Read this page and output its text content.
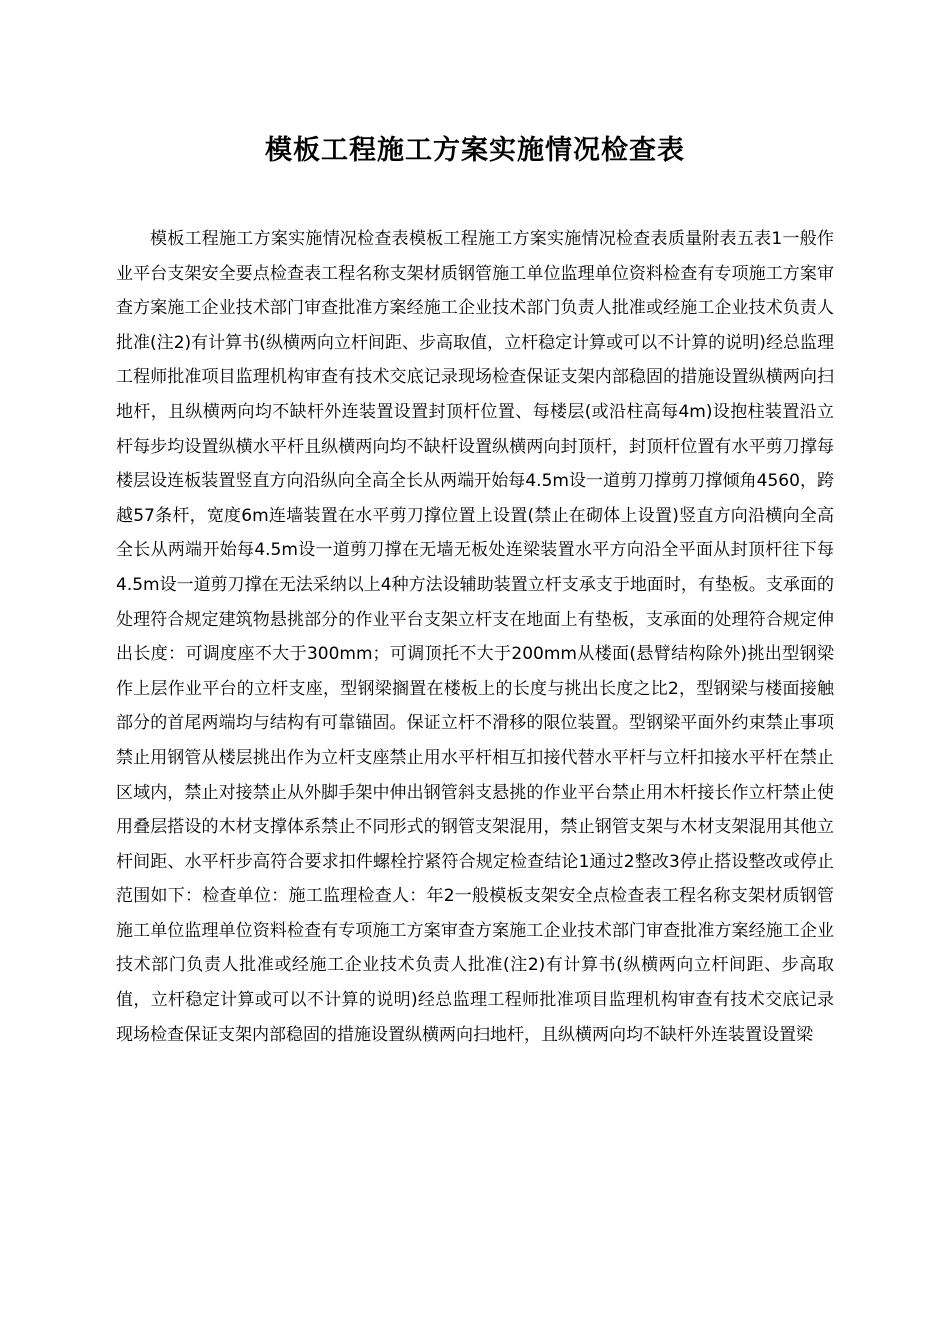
模板工程施工方案实施情况检查表

模板工程施工方案实施情况检查表模板工程施工方案实施情况检查表质量附表五表1一般作业平台支架安全要点检查表工程名称支架材质钢管施工单位监理单位资料检查有专项施工方案审查方案施工企业技术部门审查批准方案经施工企业技术部门负责人批准或经施工企业技术负责人批准(注2)有计算书(纵横两向立杆间距、步高取值，立杆稳定计算或可以不计算的说明)经总监理工程师批准项目监理机构审查有技术交底记录现场检查保证支架内部稳固的措施设置纵横两向扫地杆，且纵横两向均不缺杆外连装置设置封顶杆位置、每楼层(或沿柱高每4m)设抱柱装置沿立杆每步均设置纵横水平杆且纵横两向均不缺杆设置纵横两向封顶杆，封顶杆位置有水平剪刀撑每楼层设连板装置竖直方向沿纵向全高全长从两端开始每4.5m设一道剪刀撑剪刀撑倾角4560，跨越57条杆，宽度6m连墙装置在水平剪刀撑位置上设置(禁止在砌体上设置)竖直方向沿横向全高全长从两端开始每4.5m设一道剪刀撑在无墙无板处连梁装置水平方向沿全平面从封顶杆往下每4.5m设一道剪刀撑在无法采纳以上4种方法设辅助装置立杆支承支于地面时，有垫板。支承面的处理符合规定建筑物悬挑部分的作业平台支架立杆支在地面上有垫板，支承面的处理符合规定伸出长度：可调度座不大于300mm；可调顶托不大于200mm从楼面(悬臂结构除外)挑出型钢梁作上层作业平台的立杆支座，型钢梁搁置在楼板上的长度与挑出长度之比2，型钢梁与楼面接触部分的首尾两端均与结构有可靠锚固。保证立杆不滑移的限位装置。型钢梁平面外约束禁止事项禁止用钢管从楼层挑出作为立杆支座禁止用水平杆相互扣接代替水平杆与立杆扣接水平杆在禁止区域内，禁止对接禁止从外脚手架中伸出钢管斜支悬挑的作业平台禁止用木杆接长作立杆禁止使用叠层搭设的木材支撑体系禁止不同形式的钢管支架混用，禁止钢管支架与木材支架混用其他立杆间距、水平杆步高符合要求扣件螺栓拧紧符合规定检查结论1通过2整改3停止搭设整改或停止范围如下：检查单位：施工监理检查人：年2一般模板支架安全点检查表工程名称支架材质钢管施工单位监理单位资料检查有专项施工方案审查方案施工企业技术部门审查批准方案经施工企业技术部门负责人批准或经施工企业技术负责人批准(注2)有计算书(纵横两向立杆间距、步高取值，立杆稳定计算或可以不计算的说明)经总监理工程师批准项目监理机构审查有技术交底记录现场检查保证支架内部稳固的措施设置纵横两向扫地杆，且纵横两向均不缺杆外连装置设置梁
